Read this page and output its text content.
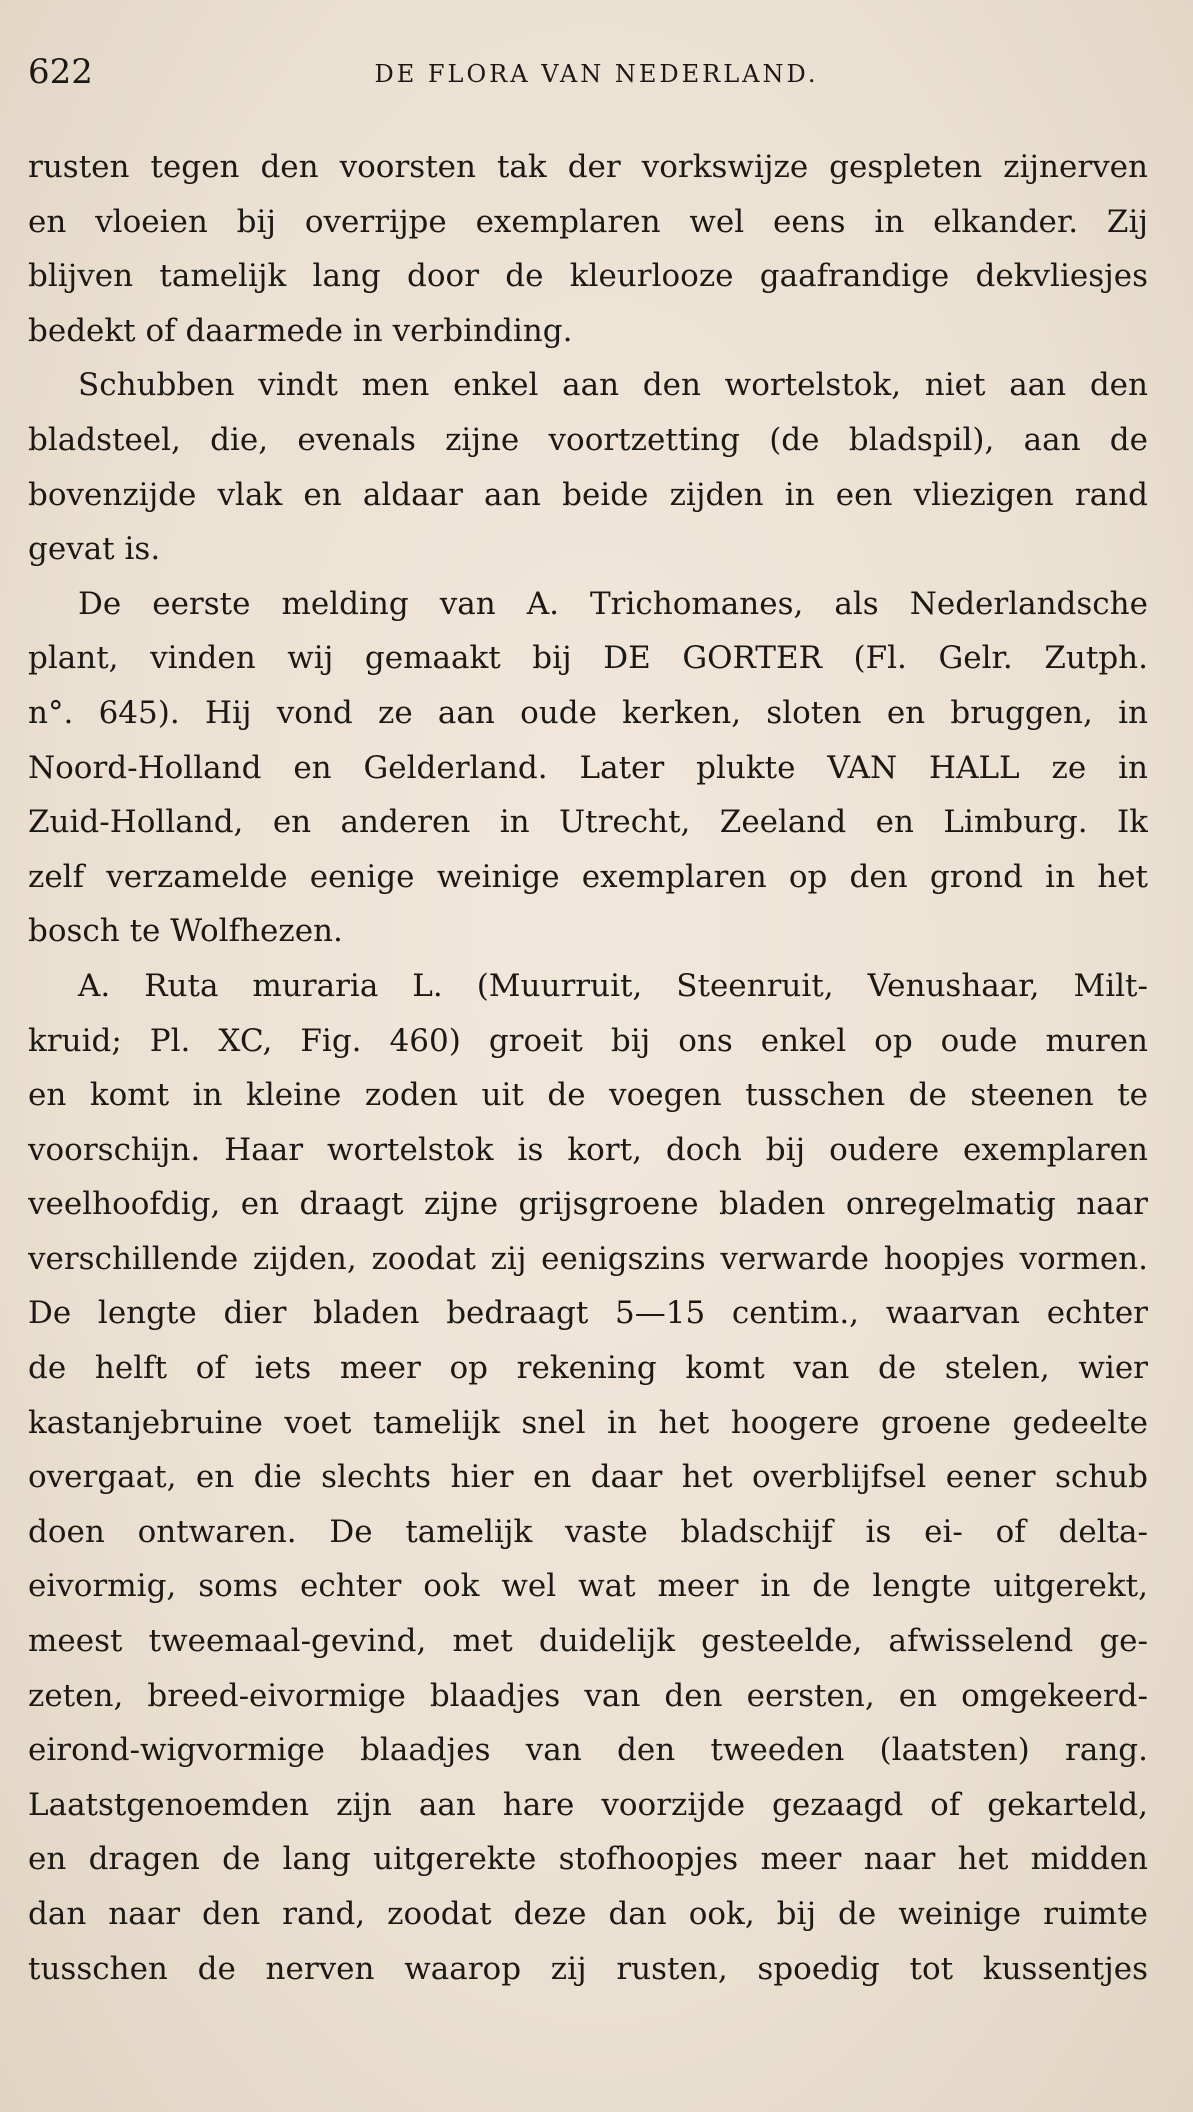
622	DE FLORA VAN NEDERLAND.
rusten tegen den voorsten tak der vorkswijze gespleten zijnerven
en vloeien bij overrijpe exemplaren wel eens in elkander. Zij
blijven tamelijk lang door de kleurlooze gaafrandige dekvliesjes
bedekt of daarmede in verbinding.
Schubben vindt men enkel aan den wortelstok, niet aan den
bladsteel, die, evenals zijne voortzetting (de bladspil), aan de
bovenzijde vlak en aldaar aan beide zijden in een vliezigen rand
gevat is.
De eerste melding van A. Trichomanes, als Nederlandsche
plant, vinden wij gemaakt bij DE GORTER (Fl. Gelr. Zutph.
n°. 645). Hij vond ze aan oude kerken, sloten en bruggen, in
Noord-Holland en Gelderland. Later plukte VAN HALL ze in
Zuid-Holland, en anderen in Utrecht, Zeeland en Limburg. Ik
zelf verzamelde eenige weinige exemplaren op den grond in het
bosch te Wolfhezen.
A. Ruta muraria L. (Muurruit, Steenruit, Venushaar, Milt-
kruid; Pl. XC, Fig. 460) groeit bij ons enkel op oude muren
en komt in kleine zoden uit de voegen tusschen de steenen te
voorschijn. Haar wortelstok is kort, doch bij oudere exemplaren
veelhoofdig, en draagt zijne grijsgroene bladen onregelmatig naar
verschillende zijden, zoodat zij eenigszins verwarde hoopjes vormen.
De lengte dier bladen bedraagt 5—15 centim., waarvan echter
de helft of iets meer op rekening komt van de stelen, wier
kastanjebruine voet tamelijk snel in het hoogere groene gedeelte
overgaat, en die slechts hier en daar het overblijfsel eener schub
doen ontwaren. De tamelijk vaste bladschijf is ei- of delta-
eivormig, soms echter ook wel wat meer in de lengte uitgerekt,
meest tweemaal-gevind, met duidelijk gesteelde, afwisselend ge-
zeten, breed-eivormige blaadjes van den eersten, en omgekeerd-
eirond-wigvormige blaadjes van den tweeden (laatsten) rang.
Laatstgenoemden zijn aan hare voorzijde gezaagd of gekarteld,
en dragen de lang uitgerekte stofhoopjes meer naar het midden
dan naar den rand, zoodat deze dan ook, bij de weinige ruimte
tusschen de nerven waarop zij rusten, spoedig tot kussentjes
